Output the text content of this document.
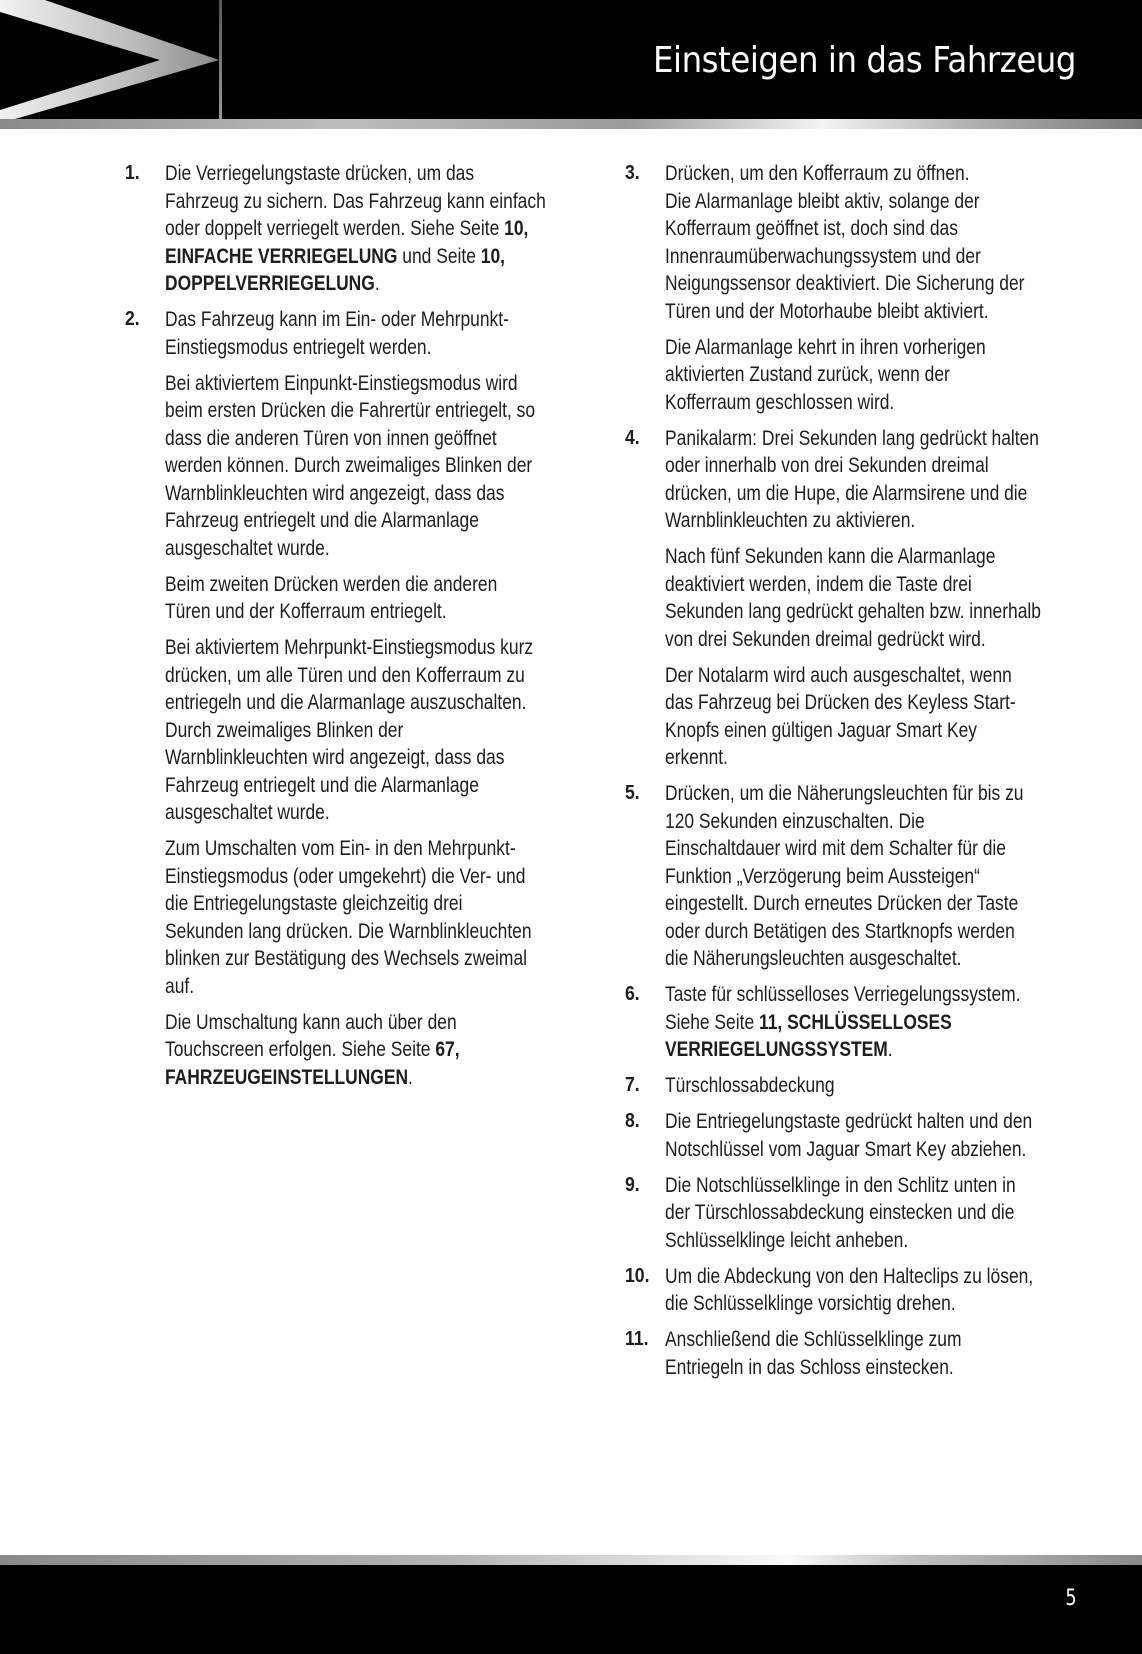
Einsteigen in das Fahrzeug
1. Die Verriegelungstaste drücken, um das
Fahrzeug zu sichern. Das Fahrzeug kann einfach
oder doppelt verriegelt werden. Siehe Seite 10,
EINFACHE VERRIEGELUNG und Seite 10,
DOPPELVERRIEGELUNG.
2. Das Fahrzeug kann im Ein- oder Mehrpunkt-
Einstiegsmodus entriegelt werden.
Bei aktiviertem Einpunkt-Einstiegsmodus wird
beim ersten Drücken die Fahrertür entriegelt, so
dass die anderen Türen von innen geöffnet
werden können. Durch zweimaliges Blinken der
Warnblinkleuchten wird angezeigt, dass das
Fahrzeug entriegelt und die Alarmanlage
ausgeschaltet wurde.
Beim zweiten Drücken werden die anderen
Türen und der Kofferraum entriegelt.
Bei aktiviertem Mehrpunkt-Einstiegsmodus kurz
drücken, um alle Türen und den Kofferraum zu
entriegeln und die Alarmanlage auszuschalten.
Durch zweimaliges Blinken der
Warnblinkleuchten wird angezeigt, dass das
Fahrzeug entriegelt und die Alarmanlage
ausgeschaltet wurde.
Zum Umschalten vom Ein- in den Mehrpunkt-
Einstiegsmodus (oder umgekehrt) die Ver- und
die Entriegelungstaste gleichzeitig drei
Sekunden lang drücken. Die Warnblinkleuchten
blinken zur Bestätigung des Wechsels zweimal
auf.
Die Umschaltung kann auch über den
Touchscreen erfolgen. Siehe Seite 67,
FAHRZEUGEINSTELLUNGEN.
3. Drücken, um den Kofferraum zu öffnen.
Die Alarmanlage bleibt aktiv, solange der
Kofferraum geöffnet ist, doch sind das
Innenraumüberwachungssystem und der
Neigungssensor deaktiviert. Die Sicherung der
Türen und der Motorhaube bleibt aktiviert.
Die Alarmanlage kehrt in ihren vorherigen
aktivierten Zustand zurück, wenn der
Kofferraum geschlossen wird.
4. Panikalarm: Drei Sekunden lang gedrückt halten
oder innerhalb von drei Sekunden dreimal
drücken, um die Hupe, die Alarmsirene und die
Warnblinkleuchten zu aktivieren.
Nach fünf Sekunden kann die Alarmanlage
deaktiviert werden, indem die Taste drei
Sekunden lang gedrückt gehalten bzw. innerhalb
von drei Sekunden dreimal gedrückt wird.
Der Notalarm wird auch ausgeschaltet, wenn
das Fahrzeug bei Drücken des Keyless Start-
Knopfs einen gültigen Jaguar Smart Key
erkennt.
5. Drücken, um die Näherungsleuchten für bis zu
120 Sekunden einzuschalten. Die
Einschaltdauer wird mit dem Schalter für die
Funktion „Verzögerung beim Aussteigen“
eingestellt. Durch erneutes Drücken der Taste
oder durch Betätigen des Startknopfs werden
die Näherungsleuchten ausgeschaltet.
6. Taste für schlüsselloses Verriegelungssystem.
Siehe Seite 11, SCHLÜSSELLOSES
VERRIEGELUNGSSYSTEM.
7. Türschlossabdeckung
8. Die Entriegelungstaste gedrückt halten und den
Notschlüssel vom Jaguar Smart Key abziehen.
9. Die Notschlüsselklinge in den Schlitz unten in
der Türschlossabdeckung einstecken und die
Schlüsselklinge leicht anheben.
10. Um die Abdeckung von den Halteclips zu lösen,
die Schlüsselklinge vorsichtig drehen.
11. Anschließend die Schlüsselklinge zum
Entriegeln in das Schloss einstecken.
5
